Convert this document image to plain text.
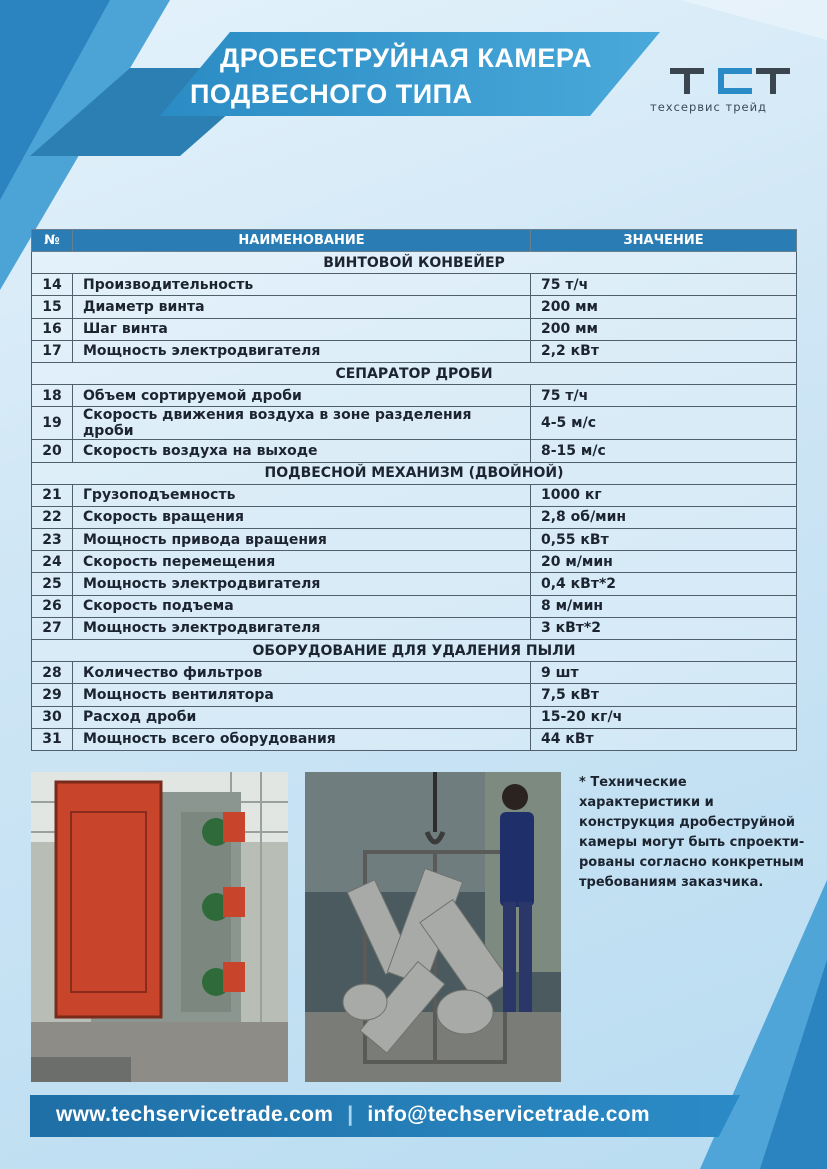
ДРОБЕСТРУЙНАЯ КАМЕРА
ПОДВЕСНОГО ТИПА	техсервис трейд
№	НАИМЕНОВАНИЕ	ЗНАЧЕНИЕ
ВИНТОВОЙ КОНВЕЙЕР		
14	Производительность	75 т/ч
15	Диаметр винта	200 мм
16	Шаг винта	200 мм
17	Мощность электродвигателя	2,2 кВт
СЕПАРАТОР ДРОБИ		
18	Объем сортируемой дроби	75 т/ч
19	Скорость движения воздуха в зоне разделения дроби	4-5 м/с
20	Скорость воздуха на выходе	8-15 м/с
ПОДВЕСНОЙ МЕХАНИЗМ (ДВОЙНОЙ)		
21	Грузоподъемность	1000 кг
22	Скорость вращения	2,8 об/мин
23	Мощность привода вращения	0,55 кВт
24	Скорость перемещения	20 м/мин
25	Мощность электродвигателя	0,4 кВт*2
26	Скорость подъема	8 м/мин
27	Мощность электродвигателя	3 кВт*2
ОБОРУДОВАНИЕ ДЛЯ УДАЛЕНИЯ ПЫЛИ		
28	Количество фильтров	9 шт
29	Мощность вентилятора	7,5 кВт
30	Расход дроби	15-20 кг/ч
31	Мощность всего оборудования	44 кВт
* Технические характеристики и конструкция дробеструйной камеры могут быть спроекти-рованы согласно конкретным требованиям заказчика.
www.techservicetrade.com | info@techservicetrade.com
